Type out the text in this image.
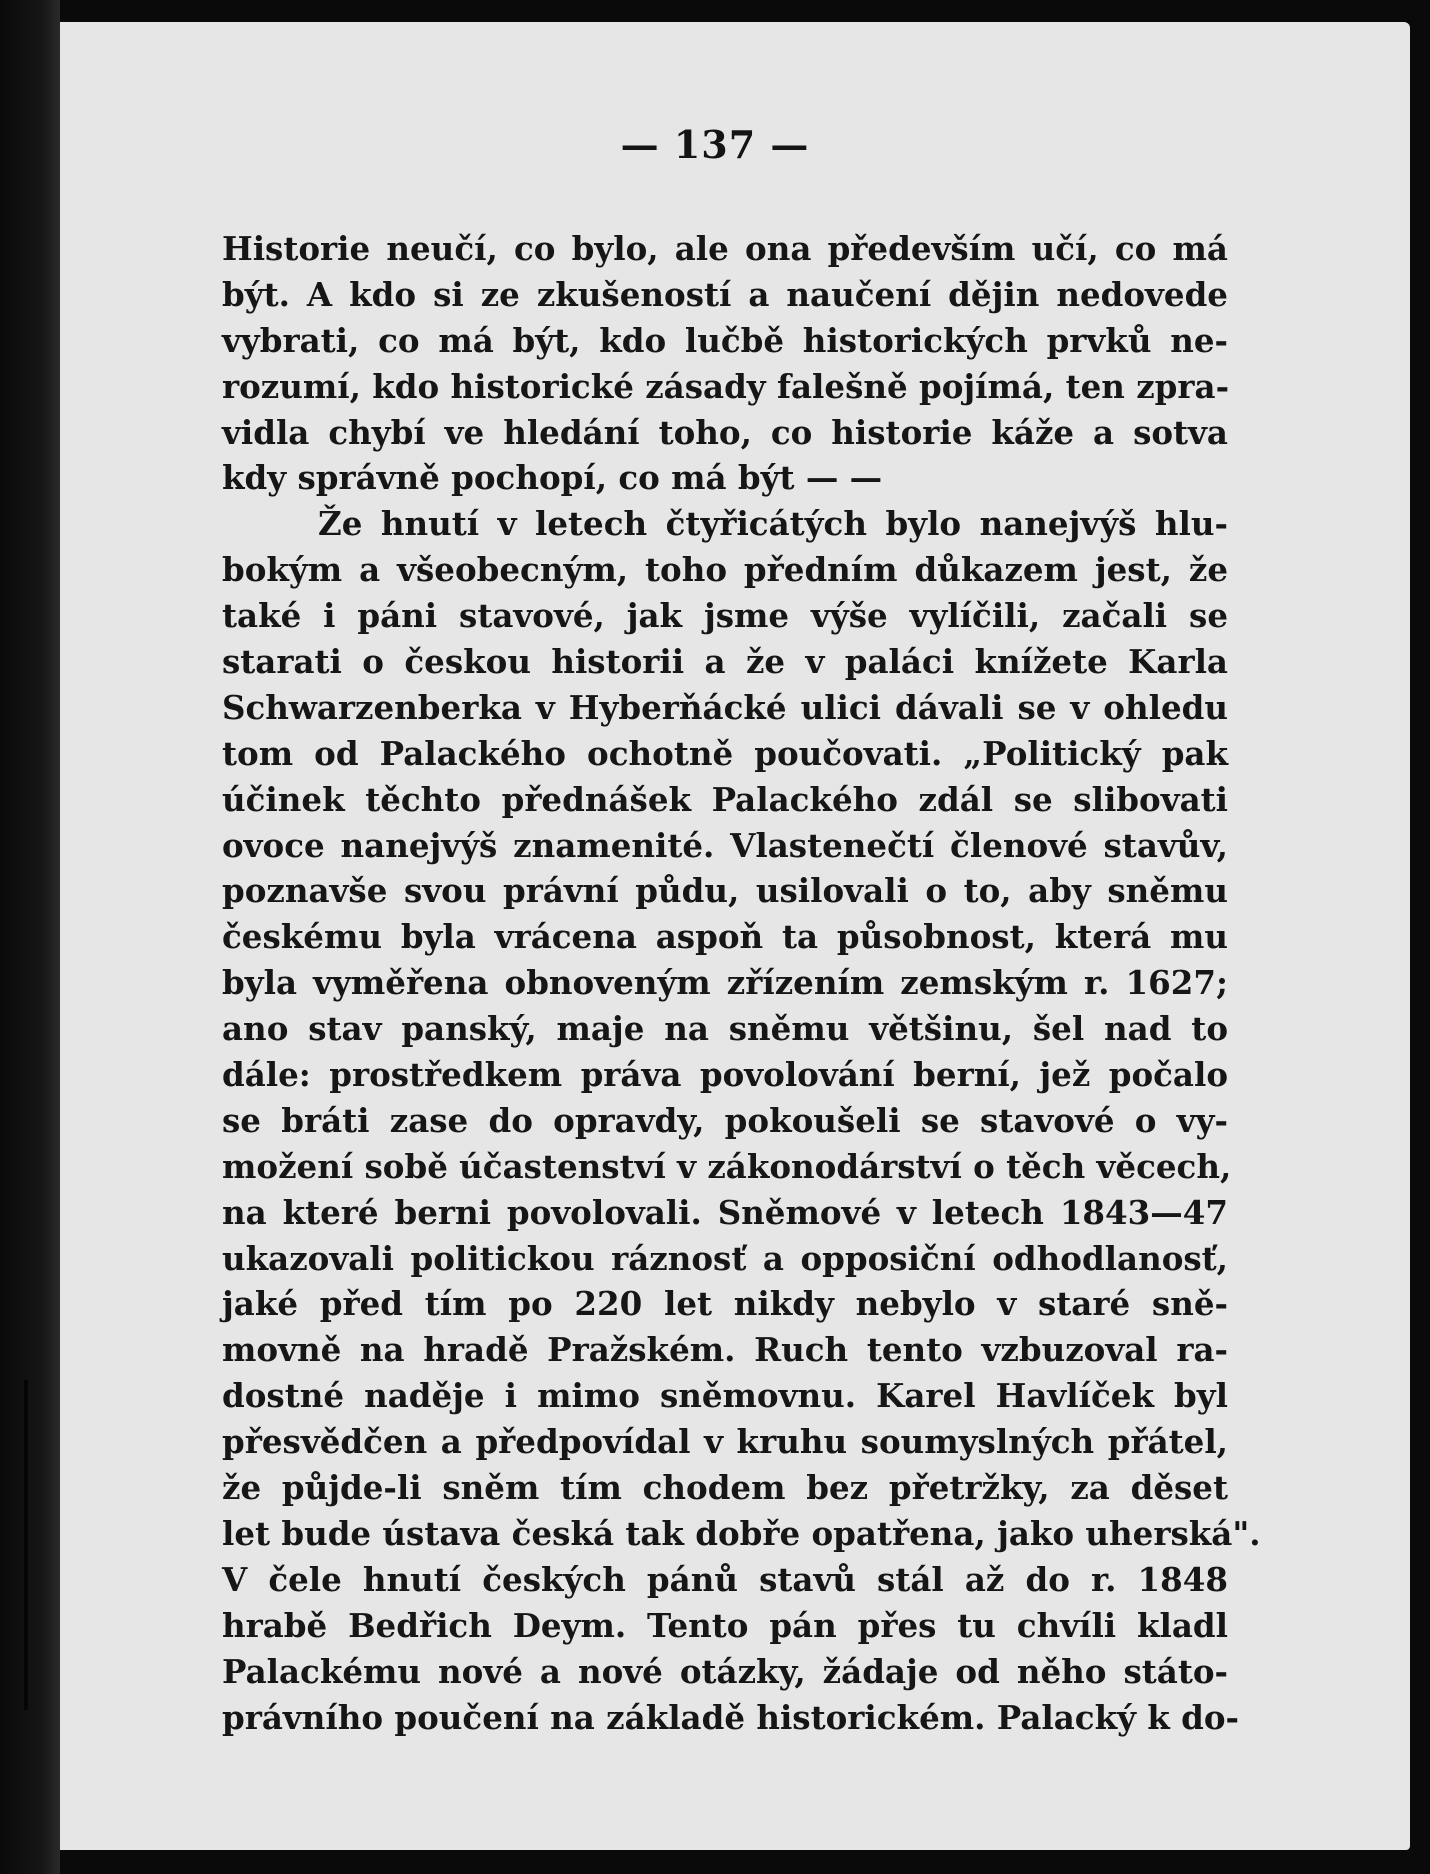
— 137 —
Historie neučí, co bylo, ale ona především učí, co má
být. A kdo si ze zkušeností a naučení dějin nedovede
vybrati, co má být, kdo lučbě historických prvků ne-
rozumí, kdo historické zásady falešně pojímá, ten zpra-
vidla chybí ve hledání toho, co historie káže a sotva
kdy správně pochopí, co má být — —
Že hnutí v letech čtyřicátých bylo nanejvýš hlu-
bokým a všeobecným, toho předním důkazem jest, že
také i páni stavové, jak jsme výše vylíčili, začali se
starati o českou historii a že v paláci knížete Karla
Schwarzenberka v Hyberňácké ulici dávali se v ohledu
tom od Palackého ochotně poučovati. „Politický pak
účinek těchto přednášek Palackého zdál se slibovati
ovoce nanejvýš znamenité. Vlastenečtí členové stavův,
poznavše svou právní půdu, usilovali o to, aby sněmu
českému byla vrácena aspoň ta působnost, která mu
byla vyměřena obnoveným zřízením zemským r. 1627;
ano stav panský, maje na sněmu většinu, šel nad to
dále: prostředkem práva povolování berní, jež počalo
se bráti zase do opravdy, pokoušeli se stavové o vy-
možení sobě účastenství v zákonodárství o těch věcech,
na které berni povolovali. Sněmové v letech 1843—47
ukazovali politickou ráznosť a opposiční odhodlanosť,
jaké před tím po 220 let nikdy nebylo v staré sně-
movně na hradě Pražském. Ruch tento vzbuzoval ra-
dostné naděje i mimo sněmovnu. Karel Havlíček byl
přesvědčen a předpovídal v kruhu soumyslných přátel,
že půjde-li sněm tím chodem bez přetržky, za děset
let bude ústava česká tak dobře opatřena, jako uherská".
V čele hnutí českých pánů stavů stál až do r. 1848
hrabě Bedřich Deym. Tento pán přes tu chvíli kladl
Palackému nové a nové otázky, žádaje od něho státo-
právního poučení na základě historickém. Palacký k do-
